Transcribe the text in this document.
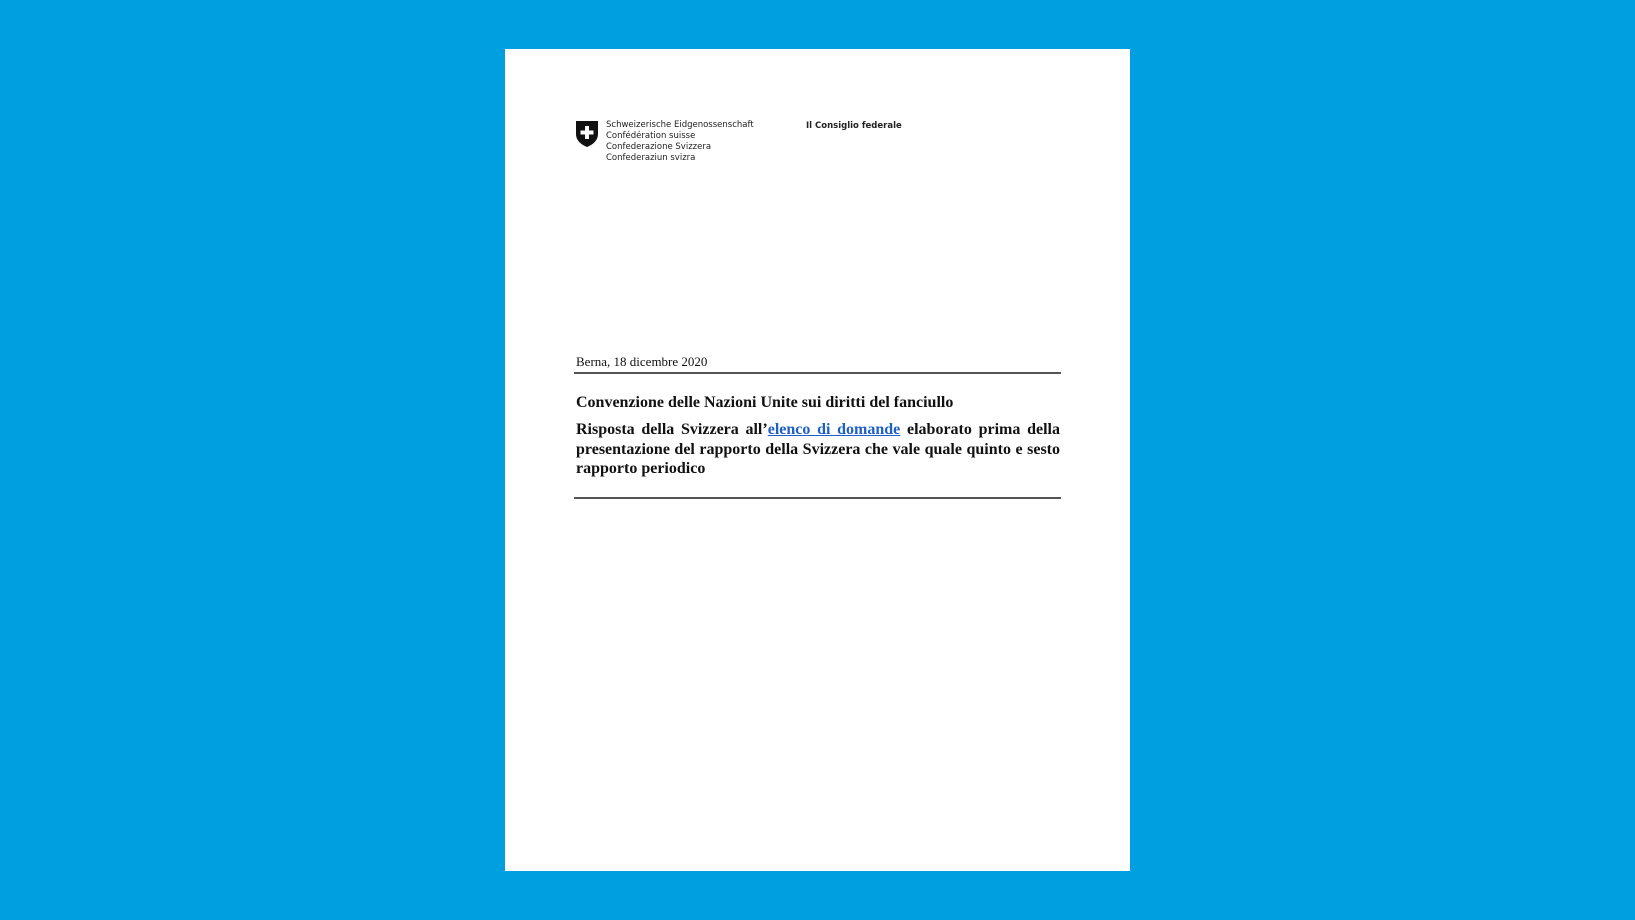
Schweizerische Eidgenossenschaft
Confédération suisse
Confederazione Svizzera
Confederaziun svizra
Il Consiglio federale
Berna, 18 dicembre 2020
Convenzione delle Nazioni Unite sui diritti del fanciullo
Risposta della Svizzera all’elenco di domande elaborato prima della presentazione del rapporto della Svizzera che vale quale quinto e sesto rapporto periodico
